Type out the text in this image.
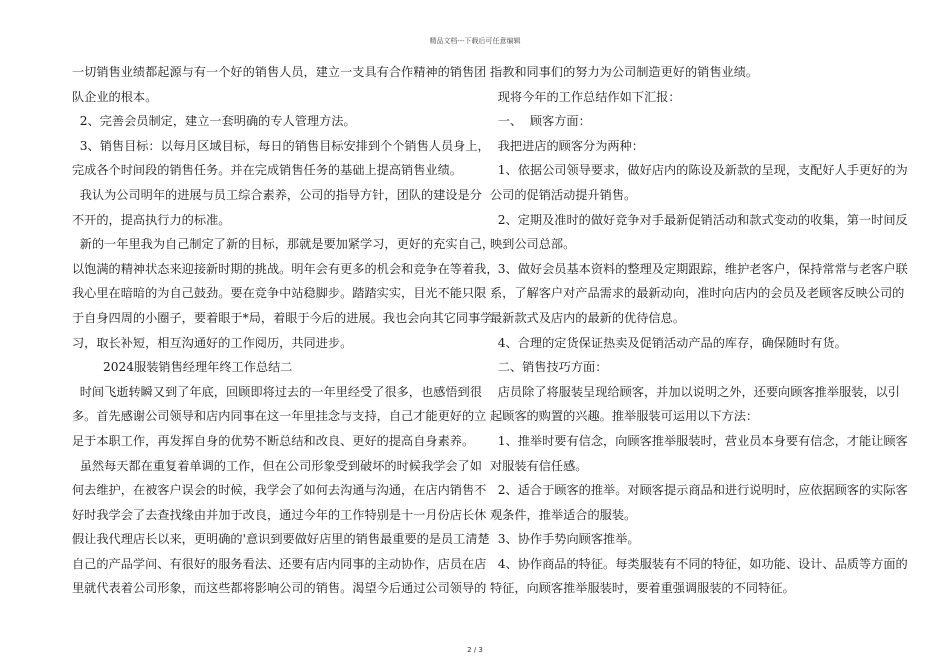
精品文档---下载后可任意编辑
一切销售业绩都起源与有一个好的销售人员，建立一支具有合作精神的销售团
队企业的根本。
2、完善会员制定，建立一套明确的专人管理方法。
3、销售目标：以每月区域目标，每日的销售目标安排到个个销售人员身上，
完成各个时间段的销售任务。并在完成销售任务的基础上提高销售业绩。
我认为公司明年的进展与员工综合素养，公司的指导方针，团队的建设是分
不开的，提高执行力的标准。
新的一年里我为自己制定了新的目标，那就是要加紧学习，更好的充实自己，
以饱满的精神状态来迎接新时期的挑战。明年会有更多的机会和竞争在等着我，
我心里在暗暗的为自己鼓劲。要在竞争中站稳脚步。踏踏实实，目光不能只限
于自身四周的小圈子，要着眼于*局，着眼于今后的进展。我也会向其它同事学
习，取长补短，相互沟通好的工作阅历，共同进步。
2024服装销售经理年终工作总结二
时间飞逝转瞬又到了年底，回顾即将过去的一年里经受了很多，也感悟到很
多。首先感谢公司领导和店内同事在这一年里挂念与支持，自己才能更好的立
足于本职工作，再发挥自身的优势不断总结和改良、更好的提高自身素养。
虽然每天都在重复着单调的工作，但在公司形象受到破坏的时候我学会了如
何去维护，在被客户误会的时候，我学会了如何去沟通与沟通，在店内销售不
好时我学会了去查找缘由并加于改良，通过今年的工作特别是十一月份店长休
假让我代理店长以来，更明确的'意识到要做好店里的销售最重要的是员工清楚
自己的产品学问、有很好的服务看法、还要有店内同事的主动协作，店员在店
里就代表着公司形象，而这些都将影响公司的销售。渴望今后通过公司领导的
指教和同事们的努力为公司制造更好的销售业绩。
现将今年的工作总结作如下汇报：
一、  顾客方面：
我把进店的顾客分为两种：
1、依据公司领导要求，做好店内的陈设及新款的呈现，支配好人手更好的为
公司的促销活动提升销售。
2、定期及准时的做好竞争对手最新促销活动和款式变动的收集，第一时间反
映到公司总部。
3、做好会员基本资料的整理及定期跟踪，维护老客户，保持常常与老客户联
系，了解客户对产品需求的最新动向，准时向店内的会员及老顾客反映公司的
最新款式及店内的最新的优待信息。
4、合理的定货保证热卖及促销活动产品的库存，确保随时有货。
二、销售技巧方面：
店员除了将服装呈现给顾客，并加以说明之外，还要向顾客推举服装，以引
起顾客的购置的兴趣。推举服装可运用以下方法：
1、推举时要有信念，向顾客推举服装时，营业员本身要有信念，才能让顾客
对服装有信任感。
2、适合于顾客的推举。对顾客提示商品和进行说明时，应依据顾客的实际客
观条件，推举适合的服装。
3、协作手势向顾客推举。
4、协作商品的特征。每类服装有不同的特征，如功能、设计、品质等方面的
特征，向顾客推举服装时，要着重强调服装的不同特征。
2 / 3
